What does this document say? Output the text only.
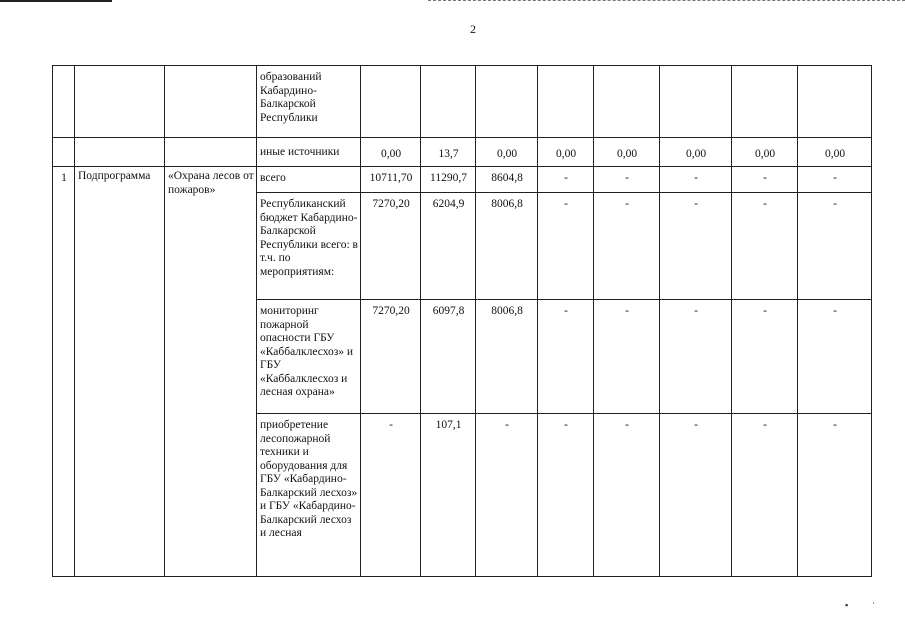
2
			образований Кабардино-Балкарской Республики								
			иные источники	0,00	13,7	0,00	0,00	0,00	0,00	0,00	0,00
1	Подпрограмма	«Охрана лесов от пожаров»	всего	10711,70	11290,7	8604,8	-	-	-	-	-
			Республиканский бюджет Кабардино-Балкарской Республики всего: в т.ч. по мероприятиям:	7270,20	6204,9	8006,8	-	-	-	-	-
			мониторинг пожарной опасности ГБУ «Каббалклесхоз» и ГБУ «Каббалклесхоз и лесная охрана»	7270,20	6097,8	8006,8	-	-	-	-	-
			приобретение лесопожарной техники и оборудования для ГБУ «Кабардино-Балкарский лесхоз» и ГБУ «Кабардино-Балкарский лесхоз и лесная	-	107,1	-	-	-	-	-	-
▪	·
